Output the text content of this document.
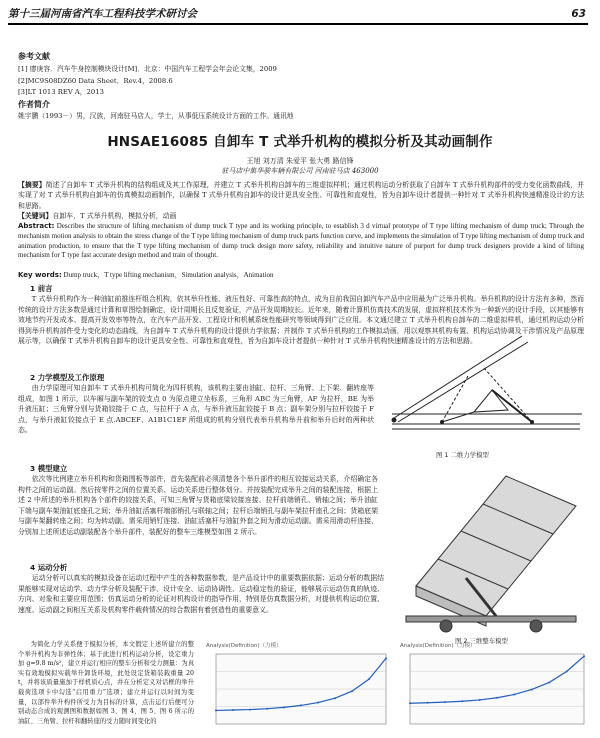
第十三届河南省汽车工程科技学术研讨会	63
参考文献
[1] 廖庚容．汽车牛身控制模块设计[M]．北京：中国汽车工程学会年会论文集，2009
[2]MC9S08DZ60 Data Sheet．Rev.4，2008.6
[3]LT 1013 REV A，2013
作者简介
姚宇鹏（1993－）男，汉族，河南驻马店人，学士，从事低压系统设计方面的工作。通讯地
HNSAE16085 自卸车 T 式举升机构的模拟分析及其动画制作
王旭 刘万清 朱爱平 张大勇 路信锋
驻马店中集华骏车辆有限公司 河南驻马店 463000
【摘要】简述了自卸车 T 式举升机构的结构组成及其工作原理，并建立 T 式举升机构自卸车的三维虚拟样机；通过机构运动分析获取了自卸车 T 式举升机构部件的受力变化函数曲线，并实现了对 T 式举升机构自卸车的仿真模拟动画制作，以确保 T 式举升机构自卸车的设计更具安全性、可靠性和直观性，旨为自卸车设计者提供一种针对 T 式举升机构快速精准设计的方法和思路。
【关键词】自卸车，T 式举升机构，模拟分析，动画
Abstract: Describes the structure of lifting mechanism of dump truck T type and its working principle, to establish 3 d virtual prototype of T type lifting mechanism of dump truck; Through the mechanism motion analysis to obtain the stress change of the T type lifting mechanism of dump truck parts function curve, and implements the simulation of T type lifting mechanism of dump truck and animation production, to ensure that the T type lifting mechanism of dump truck design more safety, reliability and intuitive nature of purport for dump truck designers provide a kind of lifting mechanism for T type fast accurate design method and train of thought.
Key words: Dump truck，T type lifting mechanism，Simulation analysis，Animation
1 前言
T 式举升机构作为一种油缸前推连杆组合机构，依其举升性能、液压性好、可靠性高的特点，成为目前我国自卸汽车产品中应用最为广泛举升机构。举升机构的设计方法有多种，然而传统的设计方法多数是通过计算和草图绘制确定，设计周期长且反复验证，产品开发周期较长。近年来，随着计算机仿真技术的发展，虚拟样机技术作为一种新兴的设计手段，以其能够有效地节约开发成本、提高开发效率等特点，在汽车产品开发、工程设计和机械系统性能研究等领域得到广泛应用。本文通过建立 T 式举升机构自卸车的二维虚拟样机，通过机构运动分析得到举升机构部件受力变化的动态曲线，为自卸车 T 式举升机构的设计提供力学依据；并制作 T 式举升机构的工作模拟动画，用以观察其机构布置、机构运动协调及干涉情况及产品原理展示等，以确保 T 式举升机构自卸车的设计更具安全性、可靠性和直观性，旨为自卸车设计者提供一种针对 T 式举升机构快速精准设计的方法和思路。
2 力学模型及工作原理
由力学原理可知自卸车 T 式举升机构可简化为四杆机构，该机构主要由油缸、拉杆、三角臂、上下架、翻转座等组成，如图 1 所示，以车厢与副车架的铰支点 0 为原点建立坐标系，三角形 ABC 为三角臂，AF 为拉杆，BE 为举升液压缸；三角臂分别与货箱铰接于 C 点，与拉杆于 A 点，与举升液压缸铰接于 B 点；副车架分别与拉杆铰接于 F 点，与举升液缸铰接点于 E 点.ABCEF、A1B1C1EF 所组成的机构分别代表举升机构举升前和举升后时的两种状态。
图 1 二维力学模型
3 模型建立
依次等比例建立举升机构和货箱围板等部件，首先装配前必须清楚各个举升部件的相互铰接运动关系，介绍确定各构件之间的运动副。然后按零件之间的位置关系、运动关系进行整体划分。并按装配完成举升之间的装配连接，根据上述 2 中所述的举升机构各个部件的铰接关系，可知三角臂与货箱底梁铰接连接、拉杆前端销孔、销轴之间；举升油缸下端与副车架油缸底座孔之间；举升油缸活塞杆端部销孔与联轴之间；拉杆后端销孔与副车架拉杆座孔之间；货箱底架与副车架翻转座之间；均为转动副。需采用销钉连接、油缸活塞杆与油缸外套之间为滑动运动副。需采用滑动杆连接，分别加上述所述运动副装配各个举升部件，装配好的整车三维模型如图 2 所示。
图 2 三维整车模型
4 运动分析
运动分析可以真实的模拟设备在运动过程中产生的各种数据参数，是产品设计中的重要数据依据；运动分析的数据结果能够实现对运动学、动力学分析及装配干涉、设计安全、运动协调性、运动稳定性的验证，能够展示运动仿真的轨迹、方向、对象和主要应用范围；仿真运动分析的论证对机构设计的指导作用，特别是仿真数据分析，对提供机构运动位置、速度、运动副之间相互关系及机构零件载荷情况的综合数据有着创造性的重要意义。
为简化力学关系便于模拟分析，本文假定上述所建立的整个举升机构为非弹性体；基于此进行机构运动分析，设定重力加 g=9.8 m/s²，建立并运行相应的整车分析和受力测量：为真实有效地模拟实载举升卸货环境，此处设定货箱装载重量 20 t，并将该质量施加于样机质心点，并在分析定义对话框的举升载荷选项卡中勾选“启用重力”选项；建立并运行以时间为变量，以部件举升构件所受力为目标的计算，点击运行后便可分别动态合成的观测图和数据如图 3、图 4、图 5、图 6 所示的油缸、三角臂、拉杆和翻转座的受力随时间变化的
Analysis(Definition)（力模）	Analysis(Definition)（力模）
